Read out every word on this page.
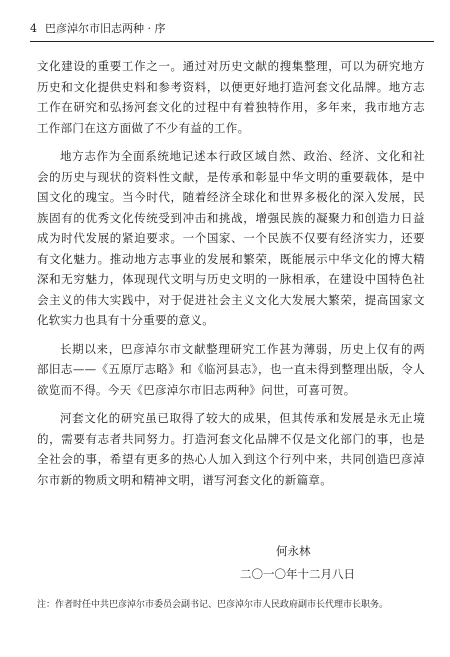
4 巴彦淖尔市旧志两种 · 序

文化建设的重要工作之一。通过对历史文献的搜集整理，可以为研究地方历史和文化提供史料和参考资料，以便更好地打造河套文化品牌。地方志工作在研究和弘扬河套文化的过程中有着独特作用，多年来，我市地方志工作部门在这方面做了不少有益的工作。

地方志作为全面系统地记述本行政区域自然、政治、经济、文化和社会的历史与现状的资料性文献，是传承和彰显中华文明的重要载体，是中国文化的瑰宝。当今时代，随着经济全球化和世界多极化的深入发展，民族固有的优秀文化传统受到冲击和挑战，增强民族的凝聚力和创造力日益成为时代发展的紧迫要求。一个国家、一个民族不仅要有经济实力，还要有文化魅力。推动地方志事业的发展和繁荣，既能展示中华文化的博大精深和无穷魅力，体现现代文明与历史文明的一脉相承，在建设中国特色社会主义的伟大实践中，对于促进社会主义文化大发展大繁荣，提高国家文化软实力也具有十分重要的意义。

长期以来，巴彦淖尔市文献整理研究工作甚为薄弱，历史上仅有的两部旧志——《五原厅志略》和《临河县志》，也一直未得到整理出版，令人欲览而不得。今天《巴彦淖尔市旧志两种》问世，可喜可贺。

河套文化的研究虽已取得了较大的成果，但其传承和发展是永无止境的，需要有志者共同努力。打造河套文化品牌不仅是文化部门的事，也是全社会的事，希望有更多的热心人加入到这个行列中来，共同创造巴彦淖尔市新的物质文明和精神文明，谱写河套文化的新篇章。

何永林
二〇一〇年十二月八日
注：作者时任中共巴彦淖尔市委员会副书记、巴彦淖尔市人民政府副市长代理市长职务。
